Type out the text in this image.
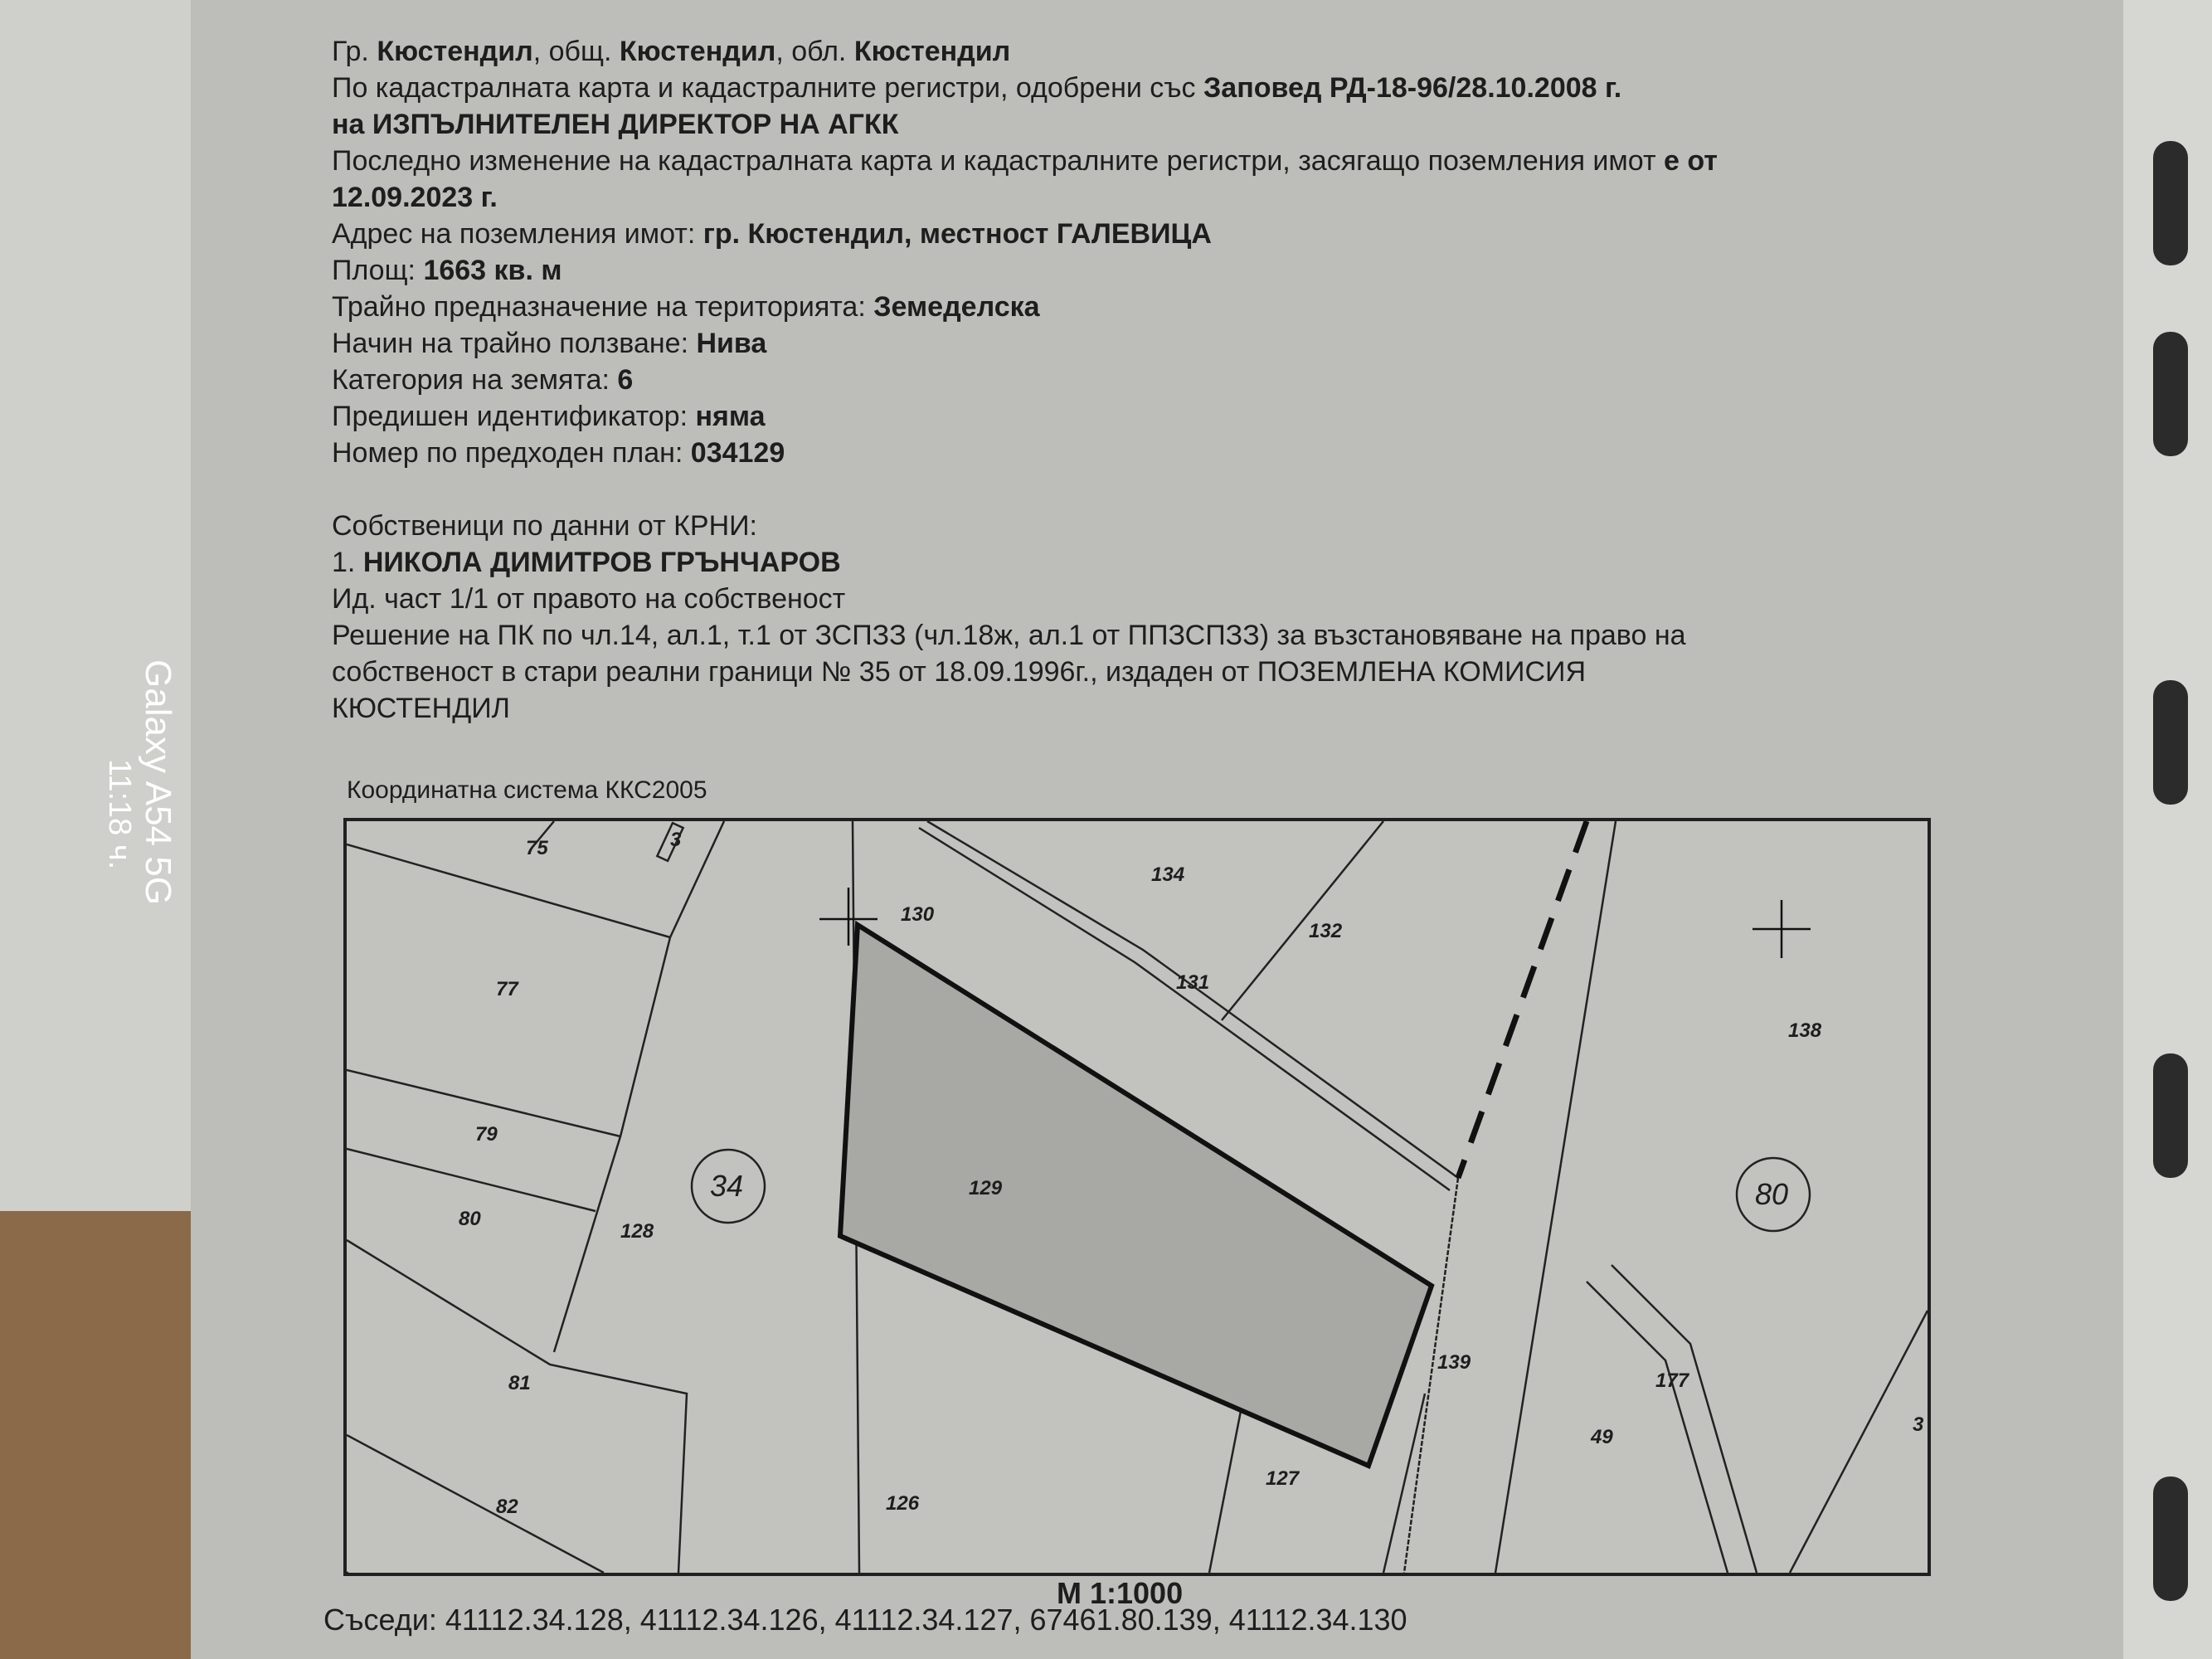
Гр. Кюстендил, общ. Кюстендил, обл. Кюстендил
По кадастралната карта и кадастралните регистри, одобрени със Заповед РД-18-96/28.10.2008 г.
на ИЗПЪЛНИТЕЛЕН ДИРЕКТОР НА АГКК
Последно изменение на кадастралната карта и кадастралните регистри, засягащо поземления имот е от
12.09.2023 г.
Адрес на поземления имот: гр. Кюстендил, местност ГАЛЕВИЦА
Площ: 1663 кв. м
Трайно предназначение на територията: Земеделска
Начин на трайно ползване: Нива
Категория на земята: 6
Предишен идентификатор: няма
Номер по предходен план: 034129
Собственици по данни от КРНИ:
1. НИКОЛА ДИМИТРОВ ГРЪНЧАРОВ
Ид. част 1/1 от правото на собственост
Решение на ПК по чл.14, ал.1, т.1 от ЗСПЗЗ (чл.18ж, ал.1 от ППЗСПЗЗ) за възстановяване на право на
собственост в стари реални граници № 35 от 18.09.1996г., издаден от ПОЗЕМЛЕНА КОМИСИЯ
КЮСТЕНДИЛ
Galaxy A54 5G
11:18 ч.	Координатна система ККС2005
34	80
75	3
77
79
80
128
81
82
130
134
132
131
129
126
127
139
138
177
49
3
М 1:1000
Съседи: 41112.34.128, 41112.34.126, 41112.34.127, 67461.80.139, 41112.34.130
